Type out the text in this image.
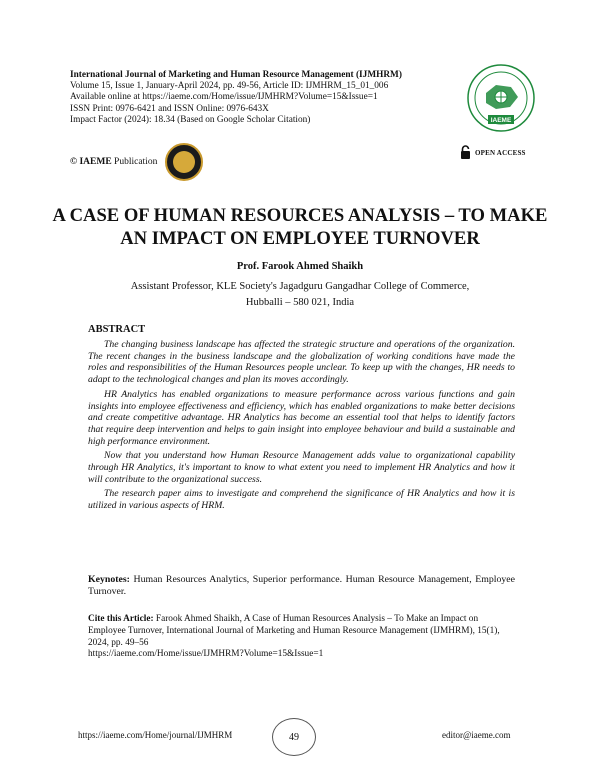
International Journal of Marketing and Human Resource Management (IJMHRM)
Volume 15, Issue 1, January-April 2024, pp. 49-56, Article ID: IJMHRM_15_01_006
Available online at https://iaeme.com/Home/issue/IJMHRM?Volume=15&Issue=1
ISSN Print: 0976-6421 and ISSN Online: 0976-643X
Impact Factor (2024): 18.34 (Based on Google Scholar Citation)
© IAEME Publication
IAEME
OPEN ACCESS
A CASE OF HUMAN RESOURCES ANALYSIS – TO MAKE AN IMPACT ON EMPLOYEE TURNOVER
Prof. Farook Ahmed Shaikh
Assistant Professor, KLE Society's Jagadguru Gangadhar College of Commerce,
Hubballi – 580 021, India
ABSTRACT

The changing business landscape has affected the strategic structure and operations of the organization. The recent changes in the business landscape and the globalization of working conditions have made the roles and responsibilities of the Human Resources people unclear. To keep up with the changes, HR needs to adapt to the technological changes and plan its moves accordingly.

HR Analytics has enabled organizations to measure performance across various functions and gain insights into employee effectiveness and efficiency, which has enabled organizations to make better decisions and create competitive advantage. HR Analytics has become an essential tool that helps to identify factors that require deep intervention and helps to gain insight into employee behaviour and build a sustainable and high performance environment.

Now that you understand how Human Resource Management adds value to organizational capability through HR Analytics, it's important to know to what extent you need to implement HR Analytics and how it will contribute to the organizational success.

The research paper aims to investigate and comprehend the significance of HR Analytics and how it is utilized in various aspects of HRM.

Keynotes: Human Resources Analytics, Superior performance. Human Resource Management, Employee Turnover.
Cite this Article: Farook Ahmed Shaikh, A Case of Human Resources Analysis – To Make an Impact on Employee Turnover, International Journal of Marketing and Human Resource Management (IJMHRM), 15(1), 2024, pp. 49–56
https://iaeme.com/Home/issue/IJMHRM?Volume=15&Issue=1
https://iaeme.com/Home/journal/IJMHRM	49	editor@iaeme.com
